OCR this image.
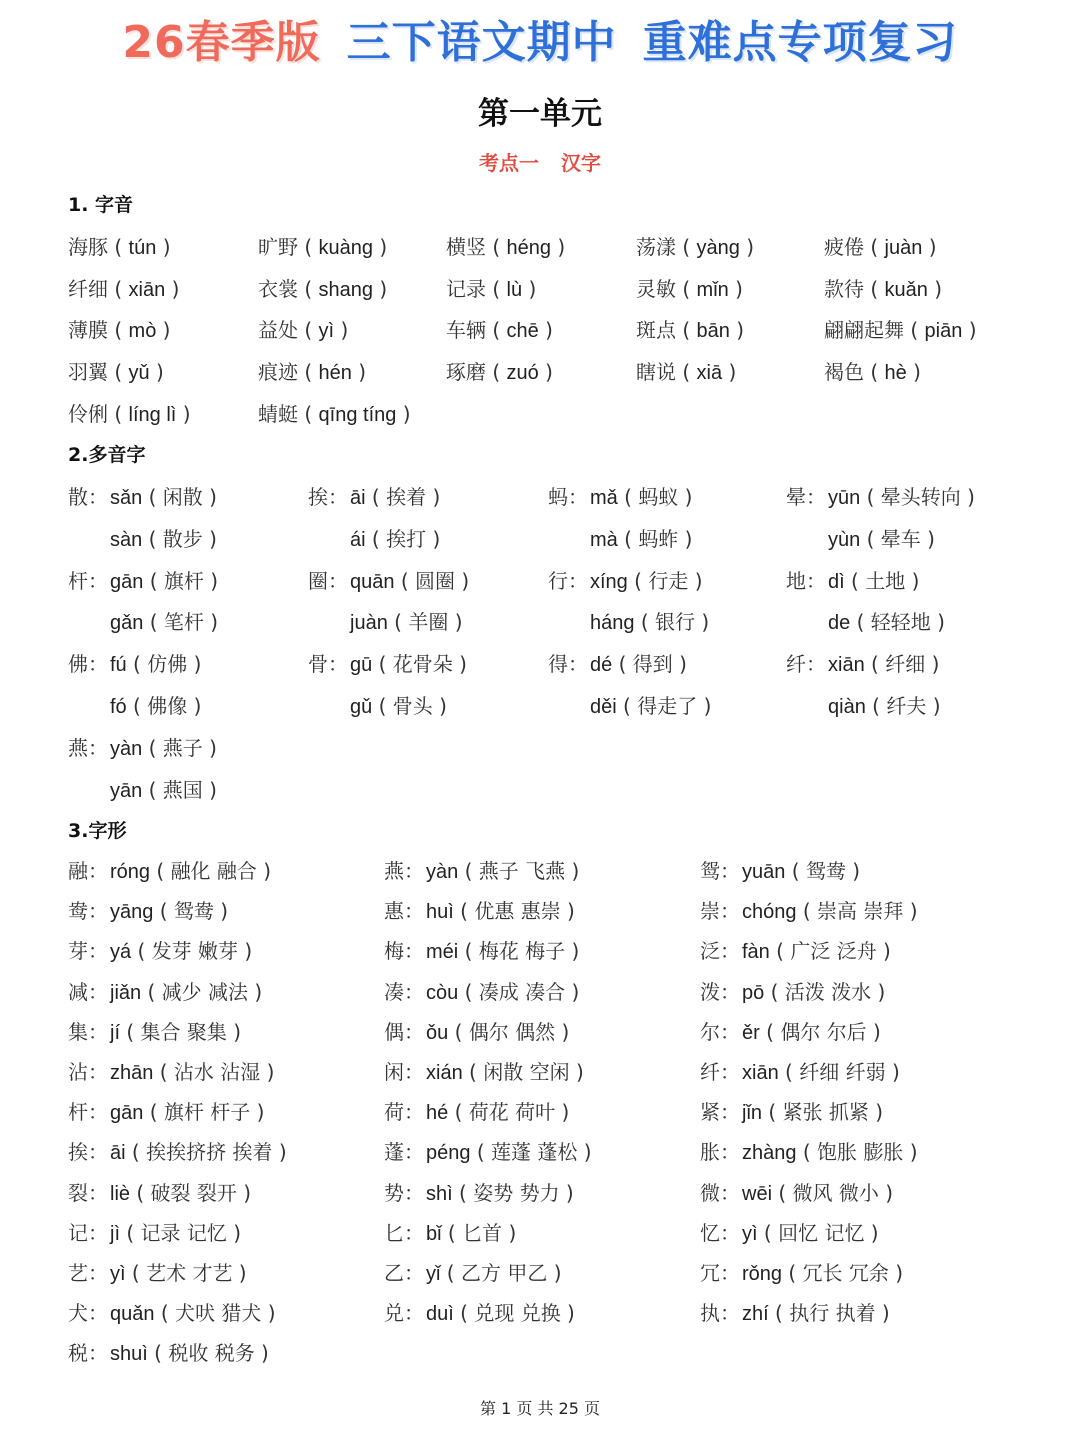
26春季版 三下语文期中 重难点专项复习
第一单元
考点一 汉字
1. 字音
海豚 ( tún )	旷野 ( kuàng )	横竖 ( héng )	荡漾 ( yàng )	疲倦 ( juàn )
纤细 ( xiān )	衣裳 ( shang )	记录 ( lù )	灵敏 ( mǐn )	款待 ( kuǎn )
薄膜 ( mò )	益处 ( yì )	车辆 ( chē )	斑点 ( bān )	翩翩起舞 ( piān )
羽翼 ( yǔ )	痕迹 ( hén )	琢磨 ( zuó )	瞎说 ( xiā )	褐色 ( hè )
伶俐 ( líng lì )	蜻蜓 ( qīng tíng )
2.多音字
散： sǎn ( 闲散 )	挨： āi ( 挨着 )	蚂： mǎ ( 蚂蚁 )	晕： yūn ( 晕头转向 )
sàn ( 散步 )	ái ( 挨打 )	mà ( 蚂蚱 )	yùn ( 晕车 )
杆： gān ( 旗杆 )	圈： quān ( 圆圈 )	行： xíng ( 行走 )	地： dì ( 土地 )
gǎn ( 笔杆 )	juàn ( 羊圈 )	háng ( 银行 )	de ( 轻轻地 )
佛： fú ( 仿佛 )	骨： gū ( 花骨朵 )	得： dé ( 得到 )	纤： xiān ( 纤细 )
fó ( 佛像 )	gǔ ( 骨头 )	děi ( 得走了 )	qiàn ( 纤夫 )
燕： yàn ( 燕子 )
yān ( 燕国 )
3.字形
融： róng ( 融化 融合 )	燕： yàn ( 燕子 飞燕 )	鸳： yuān ( 鸳鸯 )
鸯： yāng ( 鸳鸯 )	惠： huì ( 优惠 惠崇 )	崇： chóng ( 崇高 崇拜 )
芽： yá ( 发芽 嫩芽 )	梅： méi ( 梅花 梅子 )	泛： fàn ( 广泛 泛舟 )
减： jiǎn ( 减少 减法 )	凑： còu ( 凑成 凑合 )	泼： pō ( 活泼 泼水 )
集： jí ( 集合 聚集 )	偶： ǒu ( 偶尔 偶然 )	尔： ěr ( 偶尔 尔后 )
沾： zhān ( 沾水 沾湿 )	闲： xián ( 闲散 空闲 )	纤： xiān ( 纤细 纤弱 )
杆： gān ( 旗杆 杆子 )	荷： hé ( 荷花 荷叶 )	紧： jǐn ( 紧张 抓紧 )
挨： āi ( 挨挨挤挤 挨着 )	蓬： péng ( 莲蓬 蓬松 )	胀： zhàng ( 饱胀 膨胀 )
裂： liè ( 破裂 裂开 )	势： shì ( 姿势 势力 )	微： wēi ( 微风 微小 )
记： jì ( 记录 记忆 )	匕： bǐ ( 匕首 )	忆： yì ( 回忆 记忆 )
艺： yì ( 艺术 才艺 )	乙： yǐ ( 乙方 甲乙 )	冗： rǒng ( 冗长 冗余 )
犬： quǎn ( 犬吠 猎犬 )	兑： duì ( 兑现 兑换 )	执： zhí ( 执行 执着 )
税： shuì ( 税收 税务 )
第 1 页 共 25 页
